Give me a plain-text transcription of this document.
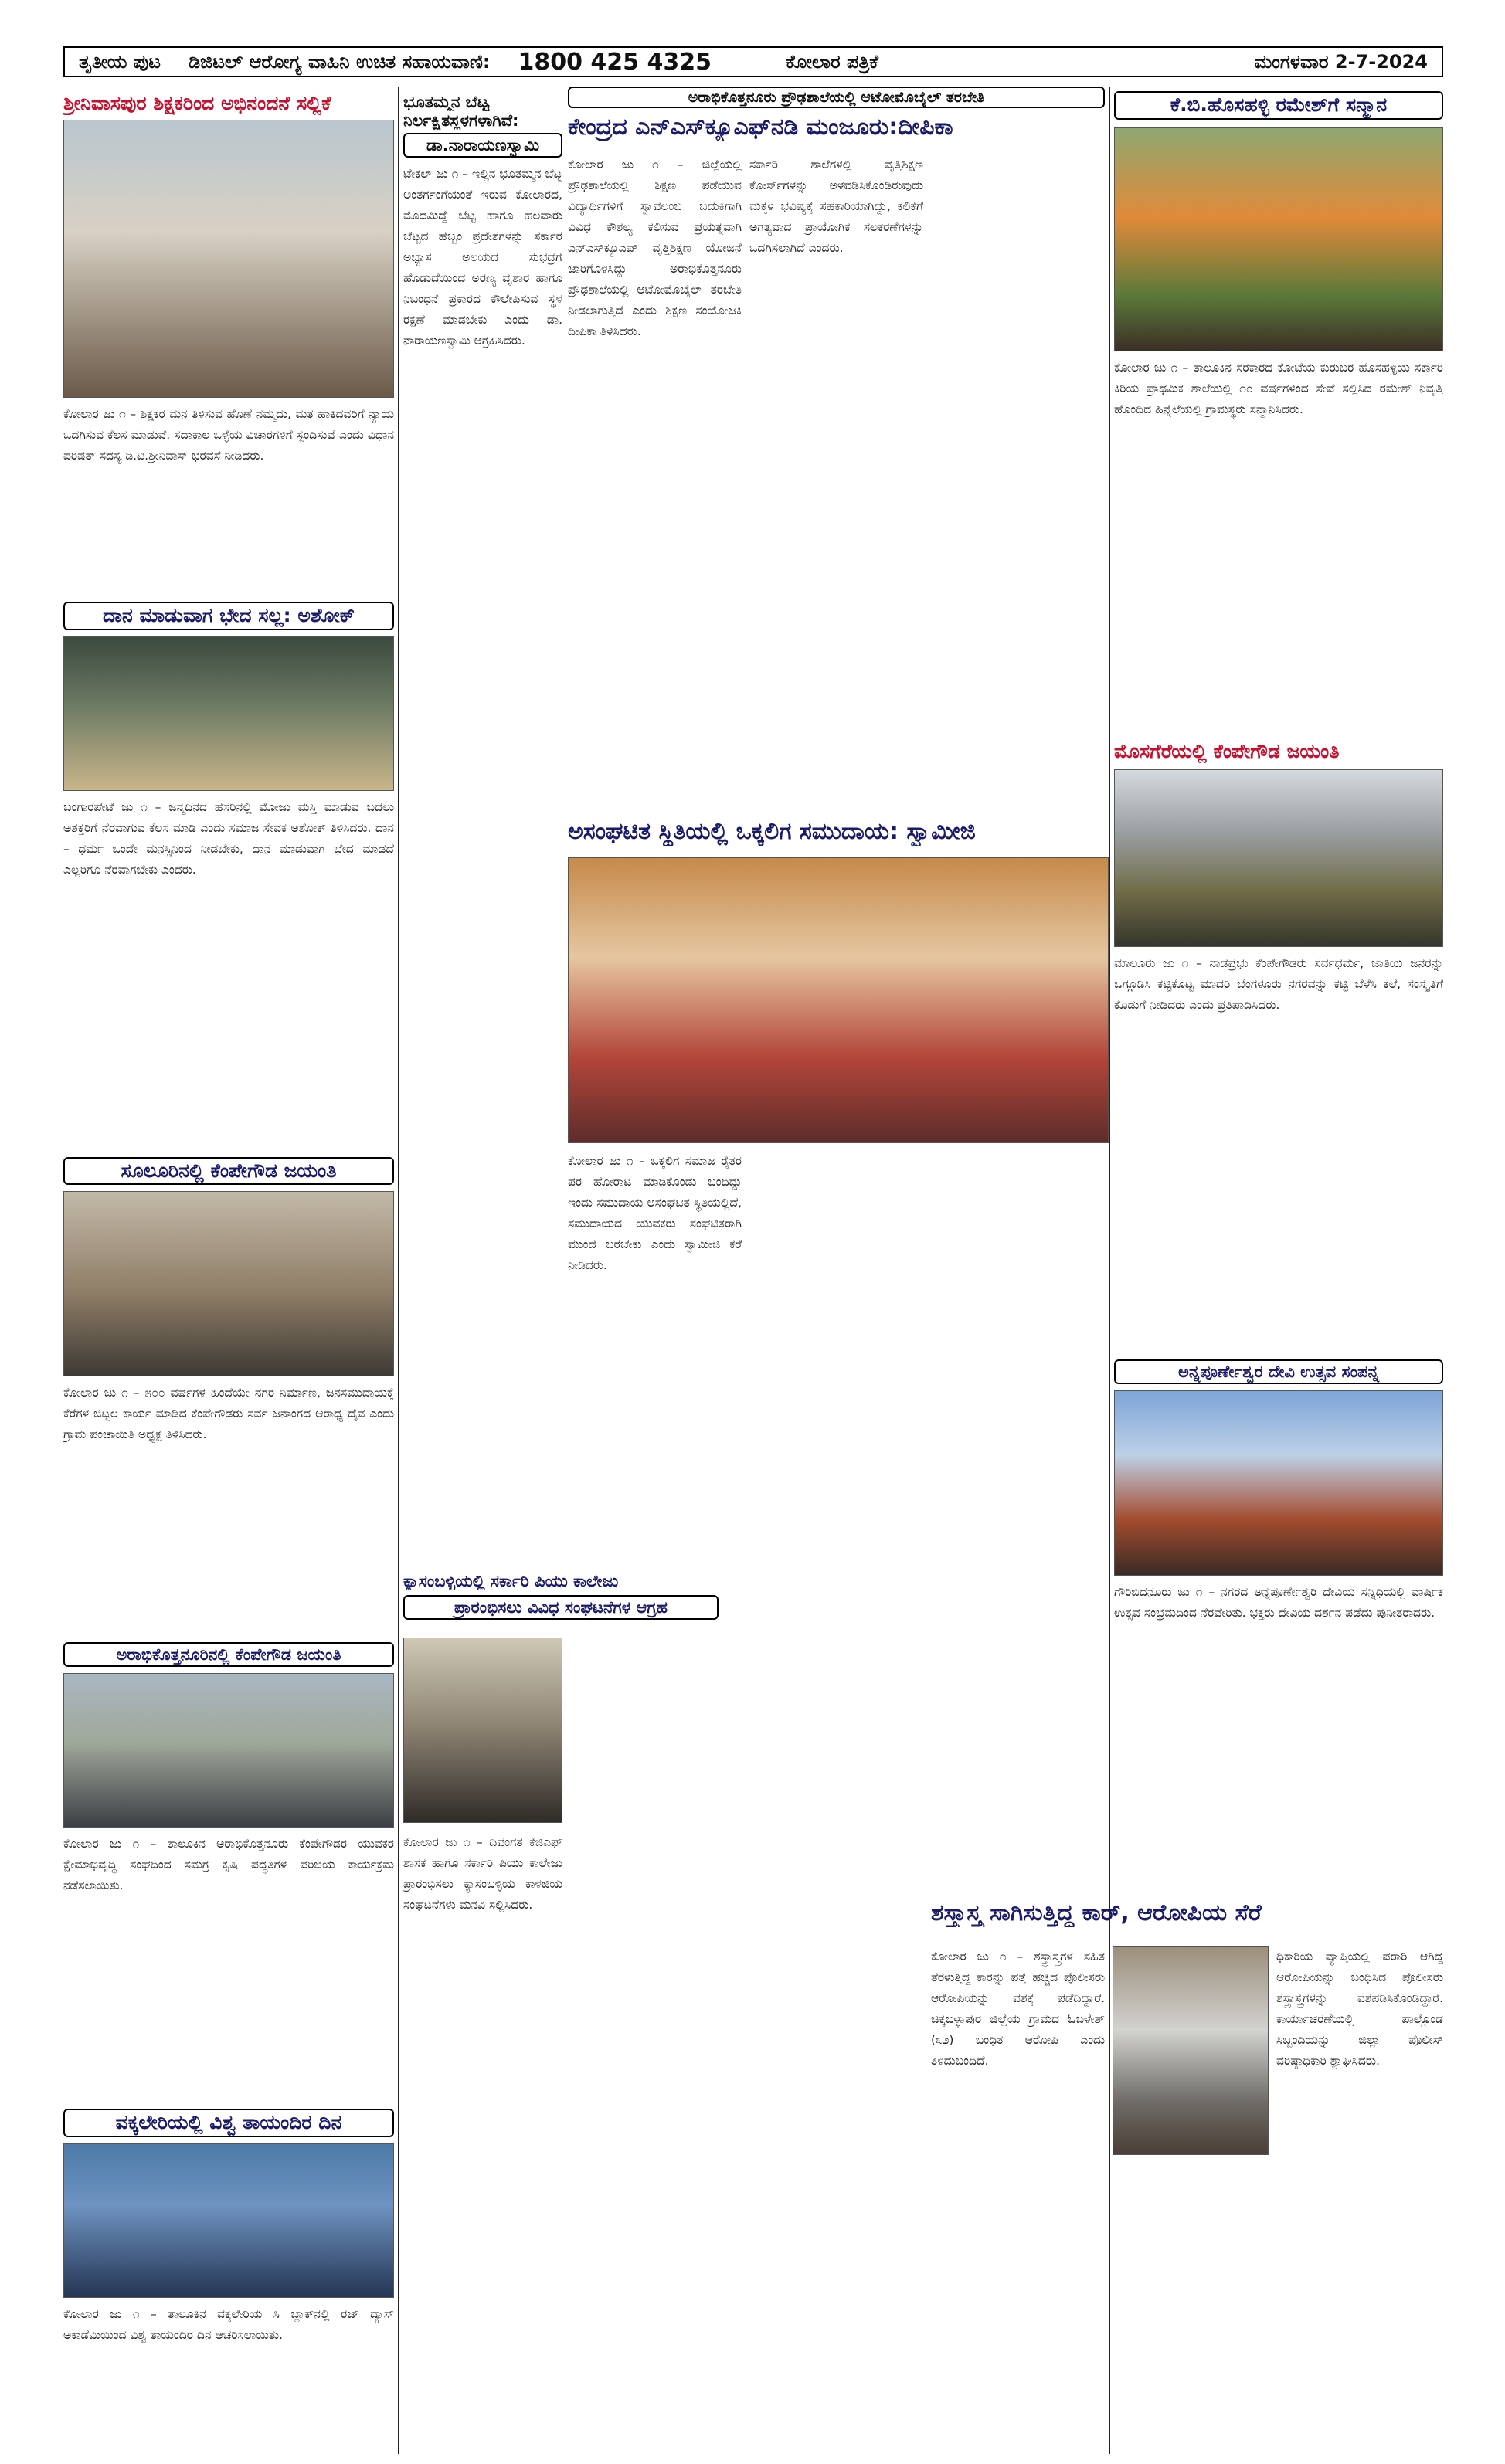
ತೃತೀಯ ಪುಟ	ಡಿಜಿಟಲ್ ಆರೋಗ್ಯ ವಾಹಿನಿ ಉಚಿತ ಸಹಾಯವಾಣಿ:	1800 425 4325	ಕೋಲಾರ ಪತ್ರಿಕೆ	ಮಂಗಳವಾರ 2-7-2024
ಶ್ರೀನಿವಾಸಪುರ ಶಿಕ್ಷಕರಿಂದ ಅಭಿನಂದನೆ ಸಲ್ಲಿಕೆ
ಕೋಲಾರ ಜು ೧ – ಶಿಕ್ಷಕರ ಮನ ತಿಳಿಸುವ ಹೊಣೆ ನಮ್ಮದು, ಮತ ಹಾಕಿದವರಿಗೆ ನ್ಯಾಯ ಒದಗಿಸುವ ಕೆಲಸ ಮಾಡುವೆ. ಸದಾಕಾಲ ಒಳ್ಳೆಯ ವಿಚಾರಗಳಿಗೆ ಸ್ಪಂದಿಸುವೆ ಎಂದು ವಿಧಾನ ಪರಿಷತ್ ಸದಸ್ಯ ಡಿ.ಟಿ.ಶ್ರೀನಿವಾಸ್ ಭರವಸೆ ನೀಡಿದರು.
ದಾನ ಮಾಡುವಾಗ ಭೇದ ಸಲ್ಲ: ಅಶೋಕ್
ಬಂಗಾರಪೇಟೆ ಜು ೧ – ಜನ್ಮದಿನದ ಹೆಸರಿನಲ್ಲಿ ಮೋಜು ಮಸ್ತಿ ಮಾಡುವ ಬದಲು ಅಶಕ್ತರಿಗೆ ನೆರವಾಗುವ ಕೆಲಸ ಮಾಡಿ ಎಂದು ಸಮಾಜ ಸೇವಕ ಅಶೋಕ್ ತಿಳಿಸಿದರು. ದಾನ – ಧರ್ಮ ಒಂದೇ ಮನಸ್ಸಿನಿಂದ ನೀಡಬೇಕು, ದಾನ ಮಾಡುವಾಗ ಭೇದ ಮಾಡದೆ ಎಲ್ಲರಿಗೂ ನೆರವಾಗಬೇಕು ಎಂದರು.
ಸೂಲೂರಿನಲ್ಲಿ ಕೆಂಪೇಗೌಡ ಜಯಂತಿ
ಕೋಲಾರ ಜು ೧ – ೫೦೦ ವರ್ಷಗಳ ಹಿಂದೆಯೇ ನಗರ ನಿರ್ಮಾಣ, ಜನಸಮುದಾಯಕ್ಕೆ ಕೆರೆಗಳ ಚಿಟ್ಟಲ ಕಾರ್ಯ ಮಾಡಿದ ಕೆಂಪೇಗೌಡರು ಸರ್ವ ಜನಾಂಗದ ಆರಾಧ್ಯ ದೈವ ಎಂದು ಗ್ರಾಮ ಪಂಚಾಯಿತಿ ಅಧ್ಯಕ್ಷ ತಿಳಿಸಿದರು.
ಅರಾಭಿಕೊತ್ತನೂರಿನಲ್ಲಿ ಕೆಂಪೇಗೌಡ ಜಯಂತಿ
ಕೋಲಾರ ಜು ೧ – ತಾಲೂಕಿನ ಅರಾಭಿಕೊತ್ತನೂರು ಕೆಂಪೇಗೌಡರ ಯುವಕರ ಕ್ಷೇಮಾಭಿವೃದ್ಧಿ ಸಂಘದಿಂದ ಸಮಗ್ರ ಕೃಷಿ ಪದ್ಧತಿಗಳ ಪರಿಚಯ ಕಾರ್ಯಕ್ರಮ ನಡೆಸಲಾಯಿತು.
ವಕ್ಕಲೇರಿಯಲ್ಲಿ ವಿಶ್ವ ತಾಯಂದಿರ ದಿನ
ಕೋಲಾರ ಜು ೧ – ತಾಲೂಕಿನ ವಕ್ಕಲೇರಿಯ ಸಿ ಬ್ಲಾಕ್‌ನಲ್ಲಿ ರಜ್ ದ್ಯಾಸ್ ಅಕಾಡೆಮಿಯಿಂದ ವಿಶ್ವ ತಾಯಂದಿರ ದಿನ ಆಚರಿಸಲಾಯಿತು.
ಭೂತಮ್ಮನ ಬೆಟ್ಟ
ನಿರ್ಲಕ್ಷಿತಸ್ಥಳಗಳಾಗಿವೆ:
ಡಾ.ನಾರಾಯಣಸ್ವಾಮಿ
ಟೇಕಲ್ ಜು ೧ – ಇಲ್ಲಿನ ಭೂತಮ್ಮನ ಬೆಟ್ಟ ಅಂತರ್ಗಂಗೆಯಂತೆ ಇರುವ ಕೋಲಾರದ, ಮೊದಮಿದ್ದೆ ಬೆಟ್ಟ ಹಾಗೂ ಹಲವಾರು ಬೆಟ್ಟದ ಹೆಬ್ಬಂ ಪ್ರದೇಶಗಳನ್ನು ಸರ್ಕಾರ ಅಭ್ಯಾಸ ಅಲಯದ ಸುಭದ್ರಗೆ ಹೊಡುದೆಯಿಂದ ಅರಣ್ಯ ವೃಶಾರ ಹಾಗೂ ನಿಬಂಧನೆ ಪ್ರಕಾರದ ಕೌಲೇಪಿಸುವ ಸ್ಥಳ ರಕ್ಷಣೆ ಮಾಡಬೇಕು ಎಂದು ಡಾ. ನಾರಾಯಣಸ್ವಾಮಿ ಆಗ್ರಹಿಸಿದರು.
ಕ್ಯಾಸಂಬಳ್ಳಿಯಲ್ಲಿ ಸರ್ಕಾರಿ ಪಿಯು ಕಾಲೇಜು
ಪ್ರಾರಂಭಿಸಲು ವಿವಿಧ ಸಂಘಟನೆಗಳ ಆಗ್ರಹ
ಕೋಲಾರ ಜು ೧ – ದಿವಂಗತ ಕೆಜಿಎಫ್ ಶಾಸಕ ಹಾಗೂ ಸರ್ಕಾರಿ ಪಿಯು ಕಾಲೇಜು ಪ್ರಾರಂಭಿಸಲು ಕ್ಯಾಸಂಬಳ್ಳಿಯ ಕಾಳಜಿಯ ಸಂಘಟನೆಗಳು ಮನವಿ ಸಲ್ಲಿಸಿದರು.
ಅರಾಭಿಕೊತ್ತನೂರು ಪ್ರೌಢಶಾಲೆಯಲ್ಲಿ ಆಟೋಮೊಬೈಲ್ ತರಬೇತಿ
ಕೇಂದ್ರದ ಎನ್‌ಎಸ್‌ಕ್ಯೂಎಫ್‌ನಡಿ ಮಂಜೂರು:ದೀಪಿಕಾ
ಕೋಲಾರ ಜು ೧ – ಜಿಲ್ಲೆಯಲ್ಲಿ ಪ್ರೌಢಶಾಲೆಯಲ್ಲಿ ಶಿಕ್ಷಣ ಪಡೆಯುವ ವಿದ್ಯಾರ್ಥಿಗಳಿಗೆ ಸ್ವಾವಲಂಬಿ ಬದುಕಿಗಾಗಿ ವಿವಿಧ ಕೌಶಲ್ಯ ಕಲಿಸುವ ಪ್ರಯತ್ನವಾಗಿ ಎನ್‌ಎಸ್‌ಕ್ಯೂಎಫ್ ವೃತ್ತಿಶಿಕ್ಷಣ ಯೋಜನೆ ಜಾರಿಗೊಳಿಸಿದ್ದು ಅರಾಭಿಕೊತ್ತನೂರು ಪ್ರೌಢಶಾಲೆಯಲ್ಲಿ ಆಟೋಮೊಬೈಲ್ ತರಬೇತಿ ನೀಡಲಾಗುತ್ತಿದೆ ಎಂದು ಶಿಕ್ಷಣ ಸಂಯೋಜಕಿ ದೀಪಿಕಾ ತಿಳಿಸಿದರು.
ಸರ್ಕಾರಿ ಶಾಲೆಗಳಲ್ಲಿ ವೃತ್ತಿಶಿಕ್ಷಣ ಕೋರ್ಸ್‌ಗಳನ್ನು ಅಳವಡಿಸಿಕೊಂಡಿರುವುದು ಮಕ್ಕಳ ಭವಿಷ್ಯಕ್ಕೆ ಸಹಕಾರಿಯಾಗಿದ್ದು, ಕಲಿಕೆಗೆ ಅಗತ್ಯವಾದ ಪ್ರಾಯೋಗಿಕ ಸಲಕರಣೆಗಳನ್ನು ಒದಗಿಸಲಾಗಿದೆ ಎಂದರು.
ಅಸಂಘಟಿತ ಸ್ಥಿತಿಯಲ್ಲಿ ಒಕ್ಕಲಿಗ ಸಮುದಾಯ: ಸ್ವಾಮೀಜಿ
ಕೋಲಾರ ಜು ೧ – ಒಕ್ಕಲಿಗ ಸಮಾಜ ರೈತರ ಪರ ಹೋರಾಟ ಮಾಡಿಕೊಂಡು ಬಂದಿದ್ದು ಇಂದು ಸಮುದಾಯ ಅಸಂಘಟಿತ ಸ್ಥಿತಿಯಲ್ಲಿದೆ, ಸಮುದಾಯದ ಯುವಕರು ಸಂಘಟಿತರಾಗಿ ಮುಂದೆ ಬರಬೇಕು ಎಂದು ಸ್ವಾಮೀಜಿ ಕರೆ ನೀಡಿದರು.
ಶಸ್ತ್ರಾಸ್ತ್ರ ಸಾಗಿಸುತ್ತಿದ್ದ ಕಾರ್, ಆರೋಪಿಯ ಸೆರೆ
ಕೋಲಾರ ಜು ೧ – ಶಸ್ತ್ರಾಸ್ತ್ರಗಳ ಸಹಿತ ತೆರಳುತ್ತಿದ್ದ ಕಾರನ್ನು ಪತ್ತೆ ಹಚ್ಚಿದ ಪೊಲೀಸರು ಆರೋಪಿಯನ್ನು ವಶಕ್ಕೆ ಪಡೆದಿದ್ದಾರೆ. ಚಿಕ್ಕಬಳ್ಳಾಪುರ ಜಿಲ್ಲೆಯ ಗ್ರಾಮದ ಓಬಳೇಶ್ (೩೨) ಬಂಧಿತ ಆರೋಪಿ ಎಂದು ತಿಳಿದುಬಂದಿದೆ.
ಕೆ.ಬಿ.ಹೊಸಹಳ್ಳಿ ರಮೇಶ್‌ಗೆ ಸನ್ಮಾನ
ಕೋಲಾರ ಜು ೧ – ತಾಲೂಕಿನ ಸರಕಾರದ ಕೋಟೆಯ ಕುರುಬರ ಹೊಸಹಳ್ಳಿಯ ಸರ್ಕಾರಿ ಕಿರಿಯ ಪ್ರಾಥಮಿಕ ಶಾಲೆಯಲ್ಲಿ ೧೦ ವರ್ಷಗಳಿಂದ ಸೇವೆ ಸಲ್ಲಿಸಿದ ರಮೇಶ್ ನಿವೃತ್ತಿ ಹೊಂದಿದ ಹಿನ್ನೆಲೆಯಲ್ಲಿ ಗ್ರಾಮಸ್ಥರು ಸನ್ಮಾನಿಸಿದರು.
ಮೊಸಗೆರೆಯಲ್ಲಿ ಕೆಂಪೇಗೌಡ ಜಯಂತಿ
ಮಾಲೂರು ಜು ೧ – ನಾಡಪ್ರಭು ಕೆಂಪೇಗೌಡರು ಸರ್ವಧರ್ಮ, ಜಾತಿಯ ಜನರನ್ನು ಒಗ್ಗೂಡಿಸಿ ಕಟ್ಟಿಕೊಟ್ಟ ಮಾದರಿ ಬೆಂಗಳೂರು ನಗರವನ್ನು ಕಟ್ಟಿ ಬೆಳೆಸಿ ಕಲೆ, ಸಂಸ್ಕೃತಿಗೆ ಕೊಡುಗೆ ನೀಡಿದರು ಎಂದು ಪ್ರತಿಪಾದಿಸಿದರು.
ಅನ್ನಪೂರ್ಣೇಶ್ವರ ದೇವಿ ಉತ್ಸವ ಸಂಪನ್ನ
ಗೌರಿಬಿದನೂರು ಜು ೧ – ನಗರದ ಅನ್ನಪೂರ್ಣೇಶ್ವರಿ ದೇವಿಯ ಸನ್ನಿಧಿಯಲ್ಲಿ ವಾರ್ಷಿಕ ಉತ್ಸವ ಸಂಭ್ರಮದಿಂದ ನೆರವೇರಿತು. ಭಕ್ತರು ದೇವಿಯ ದರ್ಶನ ಪಡೆದು ಪುನೀತರಾದರು.
ಧಿಕಾರಿಯ ವ್ಯಾಪ್ತಿಯಲ್ಲಿ ಪರಾರಿ ಆಗಿದ್ದ ಆರೋಪಿಯನ್ನು ಬಂಧಿಸಿದ ಪೊಲೀಸರು ಶಸ್ತ್ರಾಸ್ತ್ರಗಳನ್ನು ವಶಪಡಿಸಿಕೊಂಡಿದ್ದಾರೆ. ಕಾರ್ಯಾಚರಣೆಯಲ್ಲಿ ಪಾಲ್ಗೊಂಡ ಸಿಬ್ಬಂದಿಯನ್ನು ಜಿಲ್ಲಾ ಪೊಲೀಸ್ ವರಿಷ್ಠಾಧಿಕಾರಿ ಶ್ಲಾಘಿಸಿದರು.
